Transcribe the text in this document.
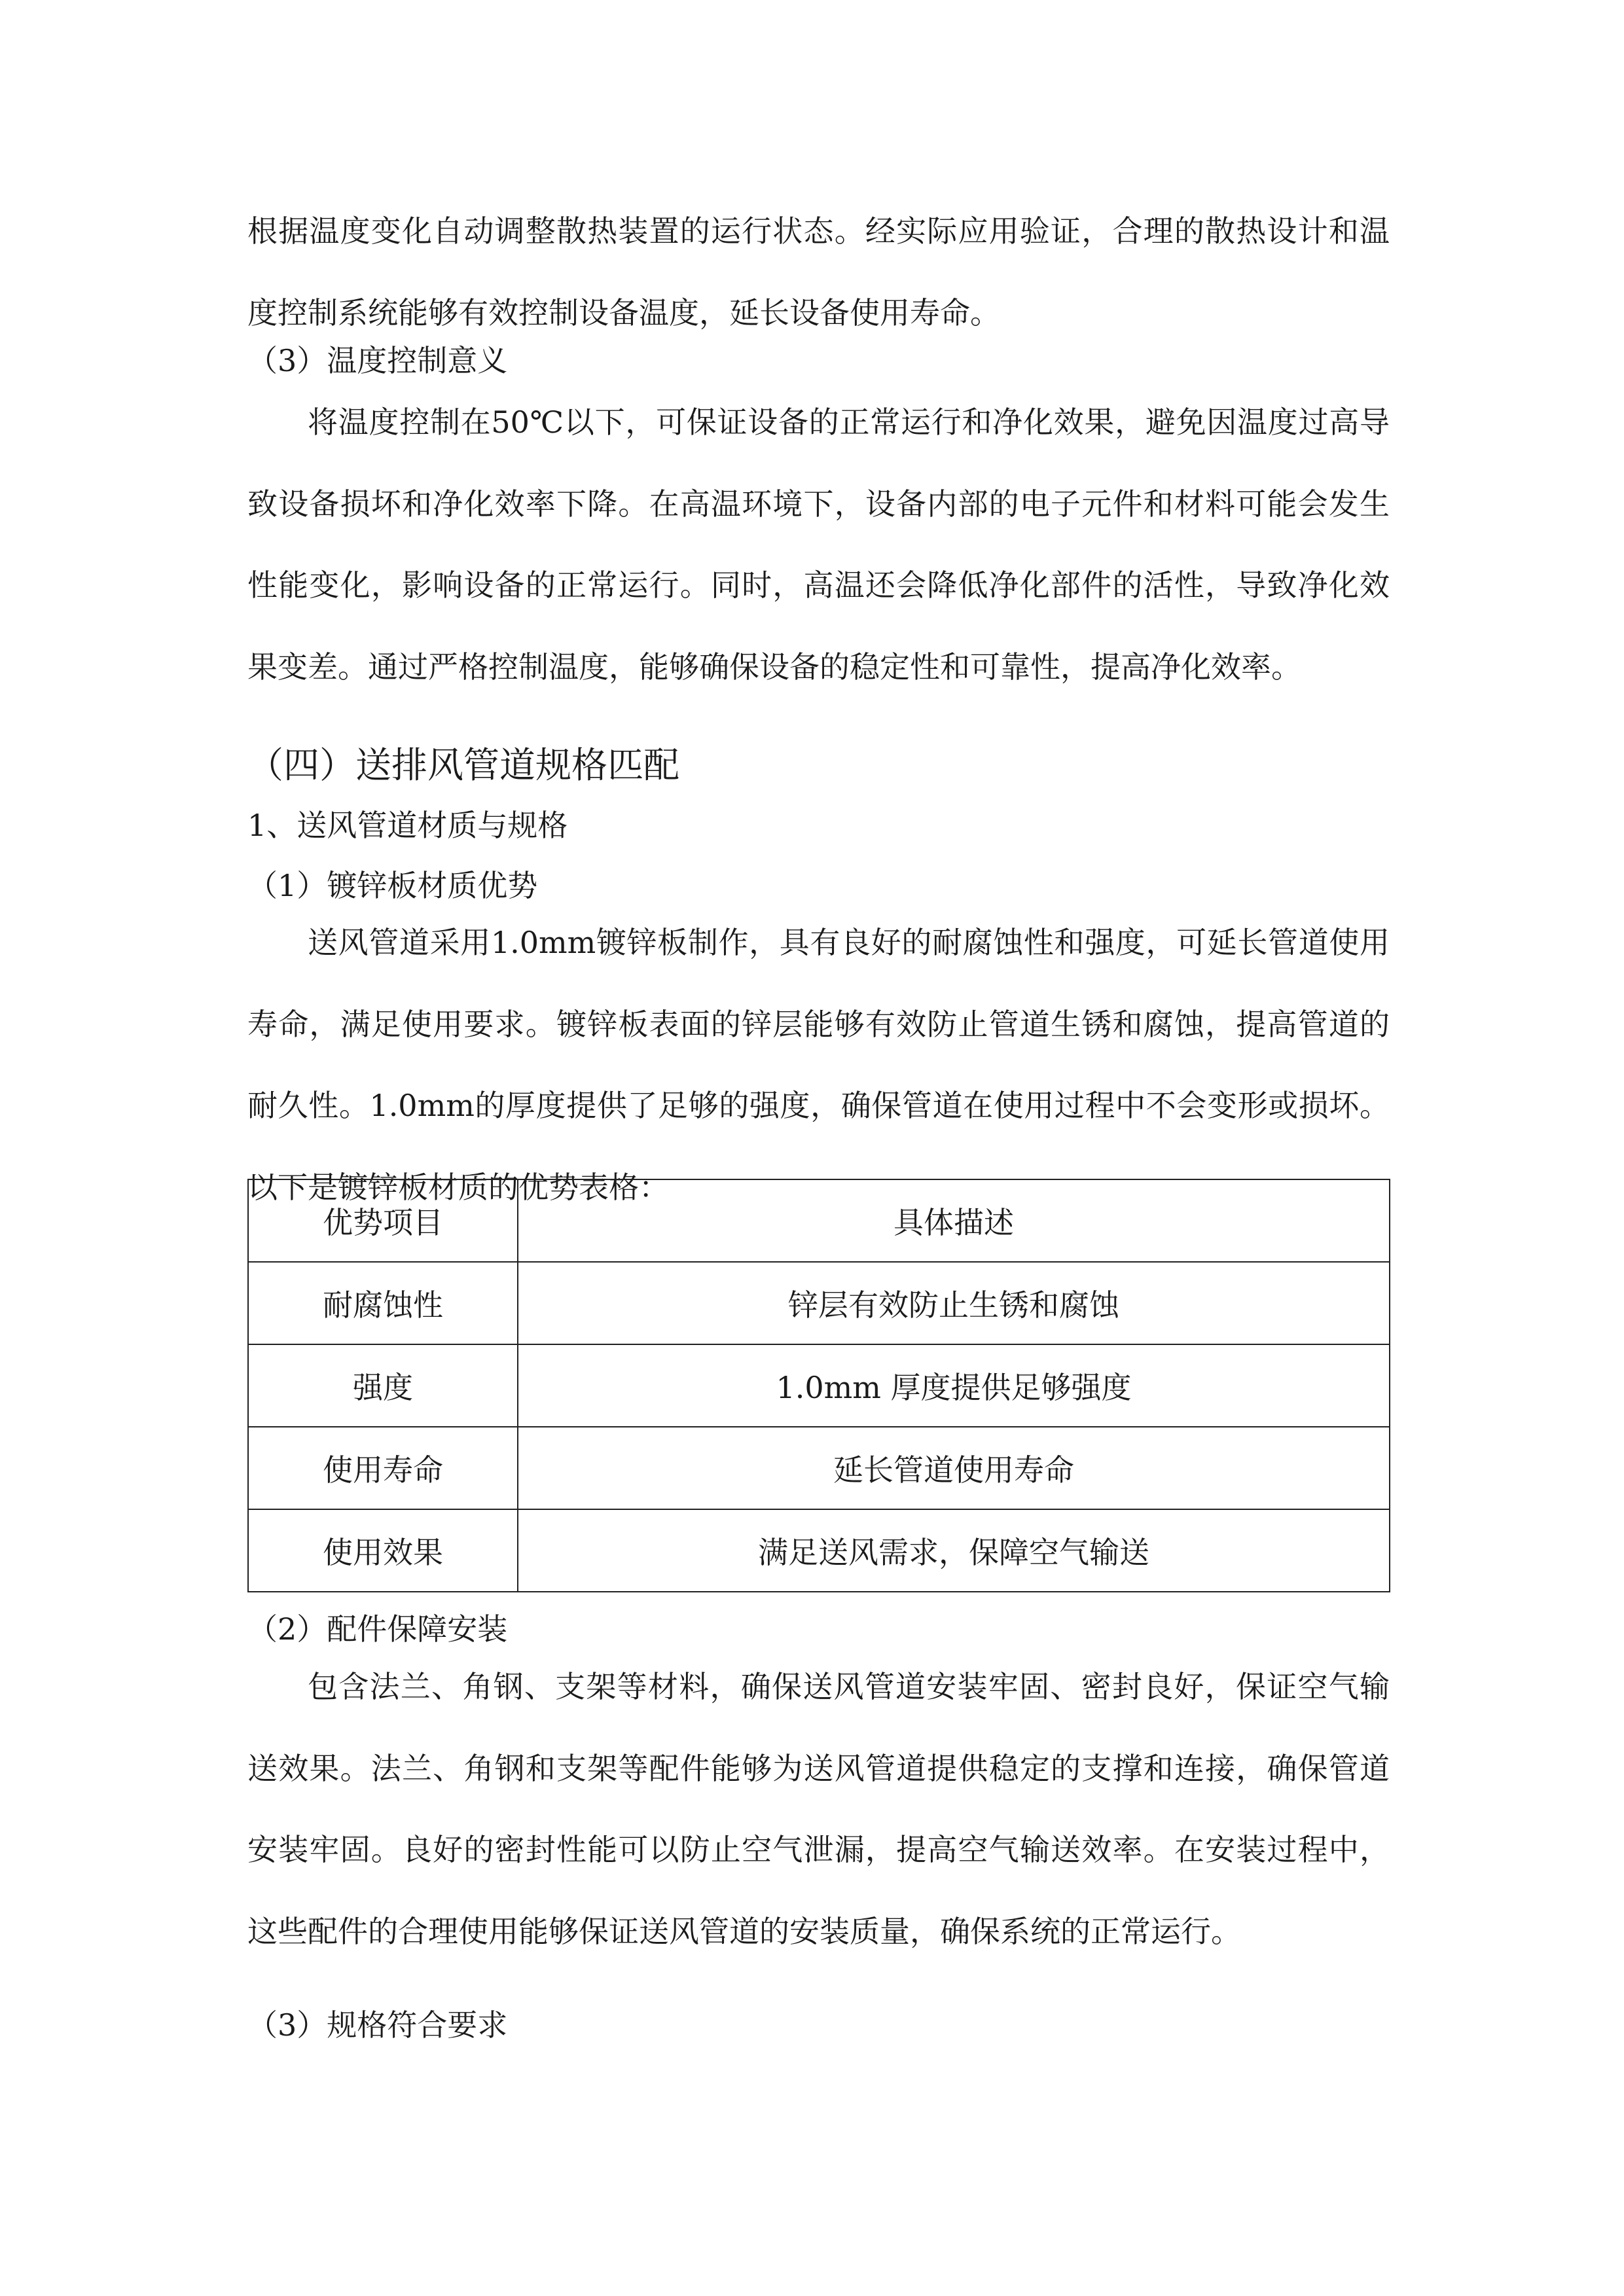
根据温度变化自动调整散热装置的运行状态。经实际应用验证，合理的散热设计和温度控制系统能够有效控制设备温度，延长设备使用寿命。

（3）温度控制意义

将温度控制在50℃以下，可保证设备的正常运行和净化效果，避免因温度过高导致设备损坏和净化效率下降。在高温环境下，设备内部的电子元件和材料可能会发生性能变化，影响设备的正常运行。同时，高温还会降低净化部件的活性，导致净化效果变差。通过严格控制温度，能够确保设备的稳定性和可靠性，提高净化效率。

（四）送排风管道规格匹配

1、送风管道材质与规格

（1）镀锌板材质优势

送风管道采用1.0mm镀锌板制作，具有良好的耐腐蚀性和强度，可延长管道使用寿命，满足使用要求。镀锌板表面的锌层能够有效防止管道生锈和腐蚀，提高管道的耐久性。1.0mm的厚度提供了足够的强度，确保管道在使用过程中不会变形或损坏。以下是镀锌板材质的优势表格：

优势项目	具体描述
耐腐蚀性	锌层有效防止生锈和腐蚀
强度	1.0mm 厚度提供足够强度
使用寿命	延长管道使用寿命
使用效果	满足送风需求，保障空气输送

（2）配件保障安装

包含法兰、角钢、支架等材料，确保送风管道安装牢固、密封良好，保证空气输送效果。法兰、角钢和支架等配件能够为送风管道提供稳定的支撑和连接，确保管道安装牢固。良好的密封性能可以防止空气泄漏，提高空气输送效率。在安装过程中，这些配件的合理使用能够保证送风管道的安装质量，确保系统的正常运行。

（3）规格符合要求
